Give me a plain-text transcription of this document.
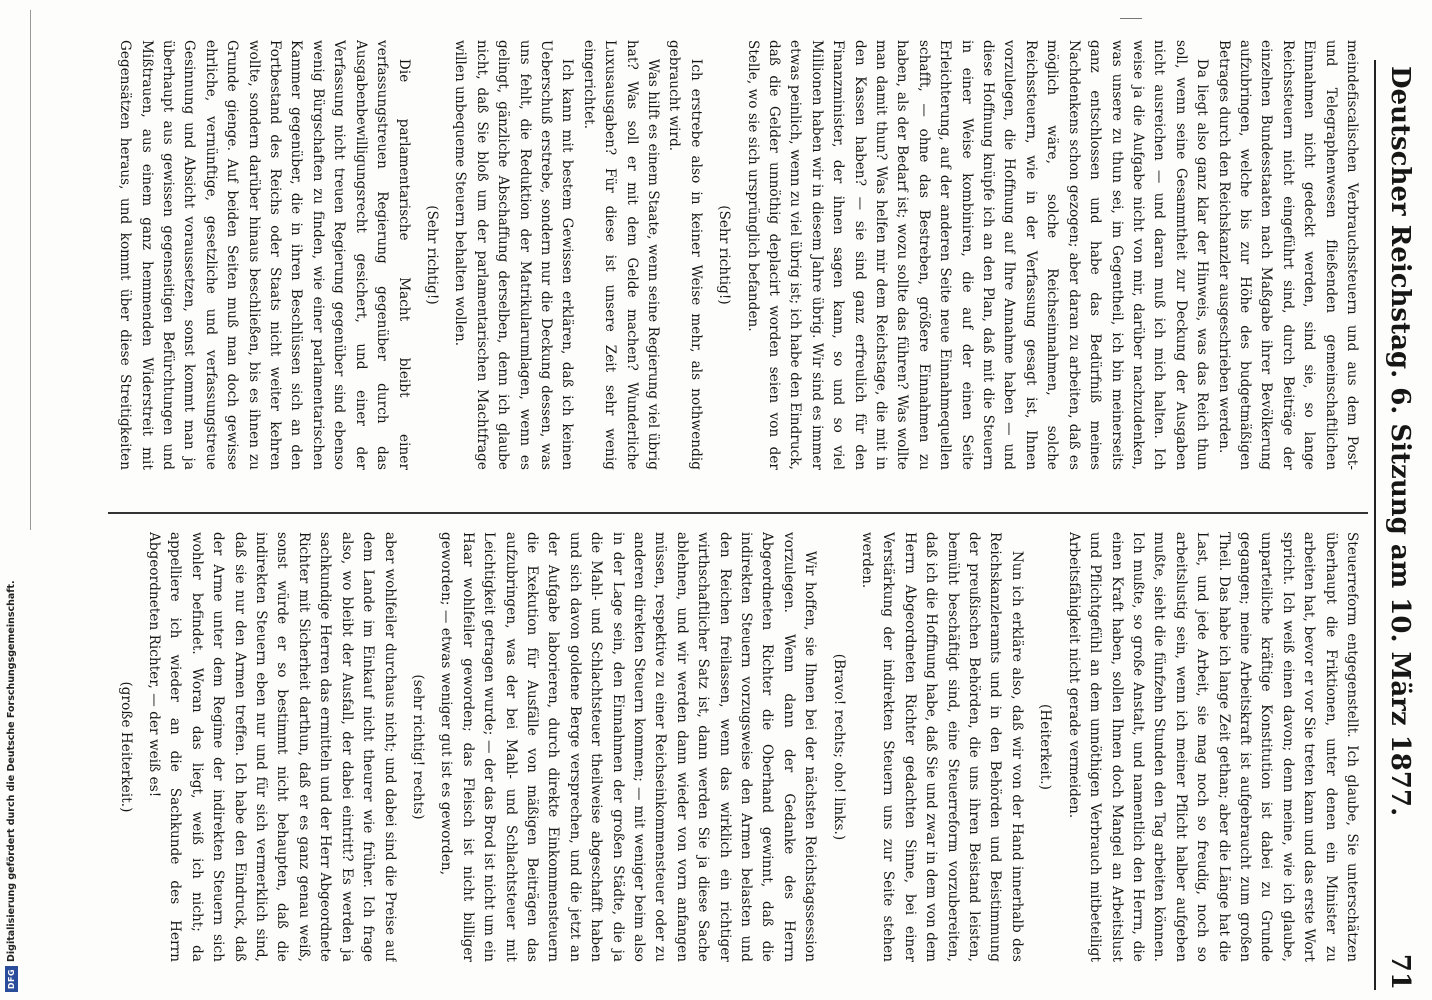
Deutscher Reichstag. 6. Sitzung am 10. März 1877.
71

meindefiscalischen Verbrauchssteuern und aus dem Post- und Telegraphenwesen fließenden gemeinschaftlichen Einnahmen nicht gedeckt werden, sind sie, so lange Reichssteuern nicht eingeführt sind, durch Beiträge der einzelnen Bundesstaaten nach Maßgabe ihrer Bevölkerung aufzubringen, welche bis zur Höhe des budgetmäßigen Betrages durch den Reichskanzler ausgeschrieben werden.

Da liegt also ganz klar der Hinweis, was das Reich thun soll, wenn seine Gesammtheit zur Deckung der Ausgaben nicht ausreichen — und daran muß ich mich halten. Ich weise ja die Aufgabe nicht von mir, darüber nachzudenken, was unsere zu thun sei, im Gegentheil, ich bin meinerseits ganz entschlossen und habe das Bedürfniß meines Nachdenkens schon gezogen; aber daran zu arbeiten, daß es möglich wäre, solche Reichseinnahmen, solche Reichssteuern, wie in der Verfassung gesagt ist, Ihnen vorzulegen, die Hoffnung auf Ihre Annahme haben — und diese Hoffnung knüpfe ich an den Plan, daß mit die Steuern in einer Weise kombiniren, die auf der einen Seite Erleichterung, auf der anderen Seite neue Einnahmequellen schafft, — ohne das Bestreben, größere Einnahmen zu haben, als der Bedarf ist; wozu sollte das führen? Was wollte man damit thun? Was helfen mir dem Reichstage, die mit in den Kassen haben? — sie sind ganz erfreulich für den Finanzminister, der ihnen sagen kann, so und so viel Millionen haben wir in diesem Jahre übrig. Wir sind es immer etwas peinlich, wenn zu viel übrig ist; ich habe den Eindruck, daß die Gelder unnöthig deplacirt worden seien von der Stelle, wo sie sich ursprünglich befanden.

(Sehr richtig!)

Ich erstrebe also in keiner Weise mehr, als nothwendig gebraucht wird.

Was hilft es einem Staate, wenn seine Regierung viel übrig hat? Was soll er mit dem Gelde machen? Wunderliche Luxusausgaben? Für diese ist unsere Zeit sehr wenig eingerichtet.

Ich kann mit bestem Gewissen erklären, daß ich keinen Ueberschuß erstrebe, sondern nur die Deckung dessen, was uns fehlt, die Reduktion der Matrikularumlagen, wenn es gelingt, gänzliche Abschaffung derselben, denn ich glaube nicht, daß Sie bloß um der parlamentarischen Machtfrage willen unbequeme Steuern behalten wollen.

(Sehr richtig!)

Die parlamentarische Macht bleibt einer verfassungstreuen Regierung gegenüber durch das Ausgabenbewilligungsrecht gesichert, und einer der Verfassung nicht treuen Regierung gegenüber sind ebenso wenig Bürgschaften zu finden, wie einer parlamentarischen Kammer gegenüber, die in ihren Beschlüssen sich an den Fortbestand des Reichs oder Staats nicht weiter kehren wollte, sondern darüber hinaus beschließen, bis es ihnen zu Grunde gienge. Auf beiden Seiten muß man doch gewisse ehrliche, vernünftige, gesetzliche und verfassungstreue Gesinnung und Absicht voraussetzen, sonst kommt man ja überhaupt aus gewissen gegenseitigen Befürchtungen und Mißtrauen, aus einem ganz hemmenden Widerstreit mit Gegensätzen heraus, und kommt über diese Streitigkeiten

Steuerreform entgegenstellt. Ich glaube, Sie unterschätzen überhaupt die Friktionen, unter denen ein Minister zu arbeiten hat, bevor er vor Sie treten kann und das erste Wort spricht. Ich weiß einen davon; denn meine, wie ich glaube, unparteiliche kräftige Konstitution ist dabei zu Grunde gegangen; meine Arbeitskraft ist aufgebraucht zum großen Theil. Das habe ich lange Zeit gethan; aber die Länge hat die Last, und jede Arbeit, sie mag noch so freudig, noch so arbeitslustig sein, wenn ich meiner Pflicht halber aufgeben mußte, sieht die fünfzehn Stunden den Tag arbeiten können. Ich mußte, so große Anstalt, und namentlich den Herrn, die einen Kraft haben, sollen Ihnen doch Mangel an Arbeitslust und Pflichtgefühl an dem unnöthigen Verbrauch mitbeteiligt Arbeitsfähigkeit nicht gerade vermeiden.

(Heiterkeit.)

Nun ich erkläre also, daß wir von der Hand innerhalb des Reichskanzleramts und in den Behörden und Beistimmung der preußischen Behörden, die uns ihren Beistand leisten, bemüht beschäftigt sind, eine Steuerreform vorzubereiten, daß ich die Hoffnung habe, daß Sie und zwar in dem von dem Herrn Abgeordneten Richter gedachten Sinne, bei einer Verstärkung der indirekten Steuern uns zur Seite stehen werden.

(Bravo! rechts; oho! links.)

Wir hoffen, sie Ihnen bei der nächsten Reichstagssession vorzulegen. Wenn dann der Gedanke des Herrn Abgeordneten Richter die Oberhand gewinnt, daß die indirekten Steuern vorzugsweise den Armen belasten und den Reichen freilassen, wenn das wirklich ein richtiger wirthschaftlicher Satz ist, dann werden Sie ja diese Sache ablehnen, und wir werden dann wieder von vorn anfangen müssen, respektive zu einer Reichseinkommensteuer oder zu anderen direkten Steuern kommen; — mit weniger beim also in der Lage sein, den Einnahmen der großen Städte, die ja die Mahl- und Schlachtsteuer theilweise abgeschafft haben und sich davon goldene Berge versprechen, und die jetzt an der Aufgabe laborieren, durch direkte Einkommensteuern die Exekution für Ausfälle von mäßigen Beiträgen das aufzubringen, was der bei Mahl- und Schlachtsteuer mit Leichtigkeit getragen wurde; — der das Brod ist nicht um ein Haar wohlfeiler geworden; das Fleisch ist nicht billiger geworden; — etwas weniger gut ist es geworden,

(sehr richtig! rechts)

aber wohlfeiler durchaus nicht; und dabei sind die Preise auf dem Lande im Einkauf nicht theurer wie früher. Ich frage also, wo bleibt der Ausfall, der dabei eintritt? Es werden ja sachkundige Herren das ermitteln und der Herr Abgeordnete Richter mit Sicherheit darthun, daß er es ganz genau weiß, sonst würde er so bestimmt nicht behaupten, daß die indirekten Steuern eben nur und für sich vermerklich sind, daß sie nur den Armen treffen. Ich habe den Eindruck, daß der Arme unter dem Regime der indirekten Steuern sich wohler befindet. Woran das liegt, weiß ich nicht; da appelliere ich wieder an die Sachkunde des Herrn Abgeordneten Richter, — der weiß es!

(große Heiterkeit.)

DFGDigitalisierung gefördert durch die Deutsche Forschungsgemeinschaft.
